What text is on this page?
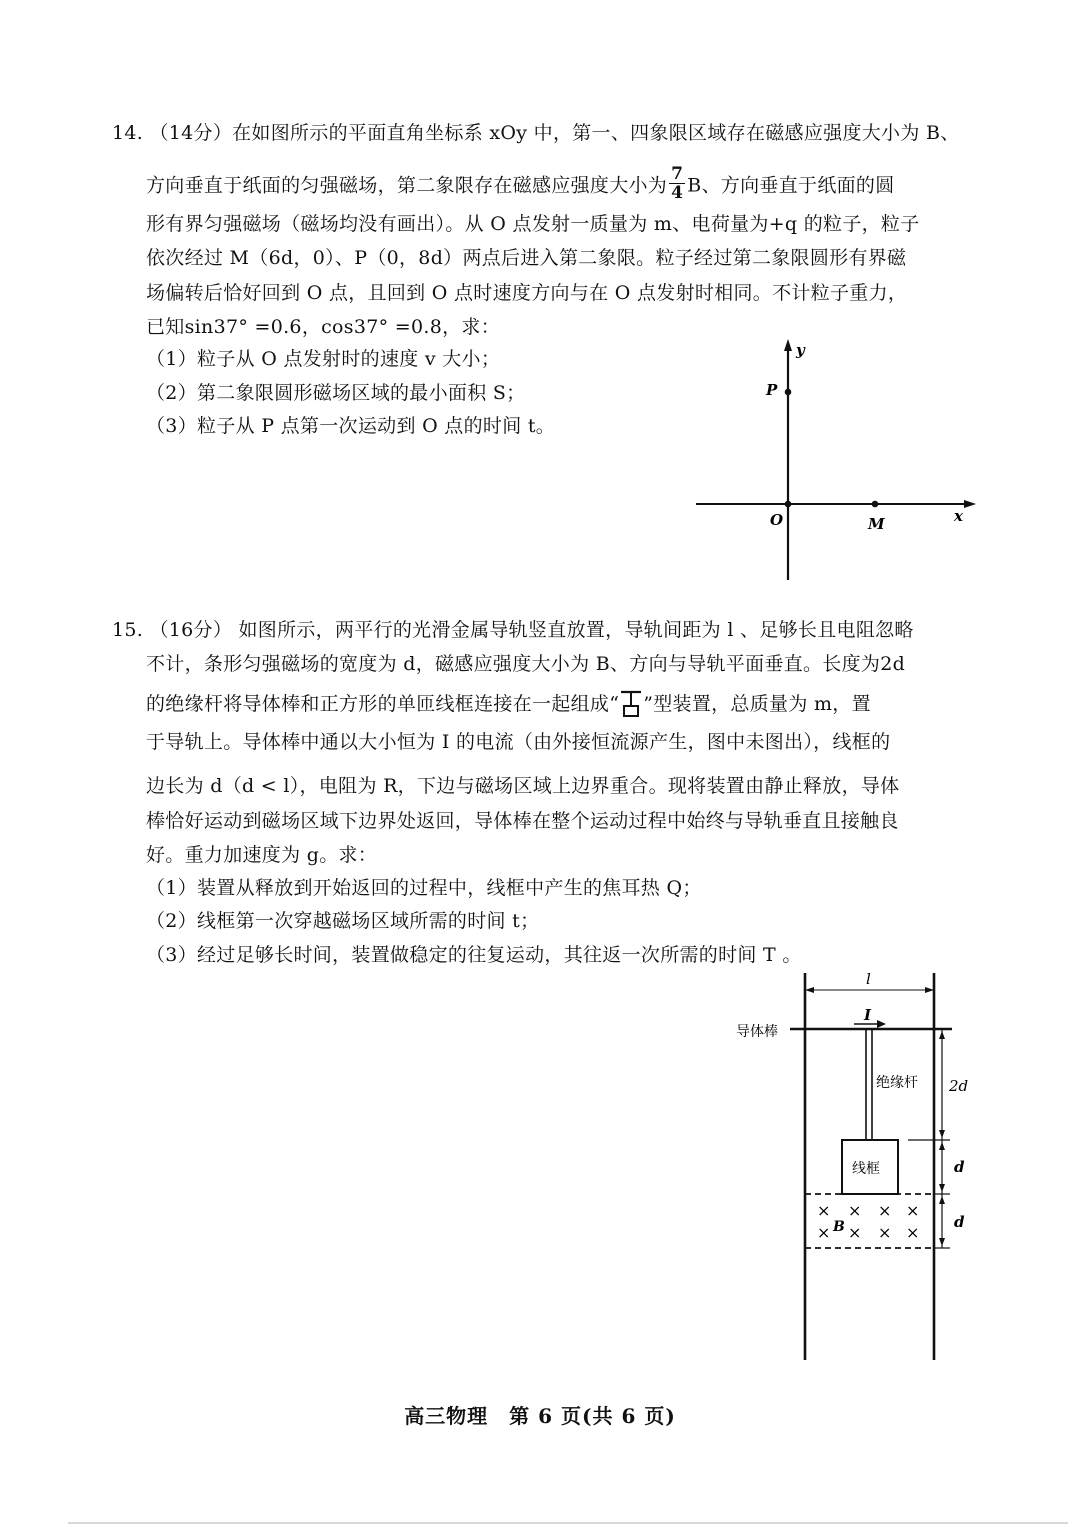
14. （14分）在如图所示的平面直角坐标系 xOy 中，第一、四象限区域存在磁感应强度大小为 B、
方向垂直于纸面的匀强磁场，第二象限存在磁感应强度大小为 $\frac{7}{4}$ B、方向垂直于纸面的圆
形有界匀强磁场（磁场均没有画出）。从 O 点发射一质量为 m、电荷量为+q 的粒子，粒子
依次经过 M（6d，0）、P（0，8d）两点后进入第二象限。粒子经过第二象限圆形有界磁
场偏转后恰好回到 O 点，且回到 O 点时速度方向与在 O 点发射时相同。不计粒子重力，
已知sin37° =0.6，cos37° =0.8，求：
（1）粒子从 O 点发射时的速度 v 大小；
（2）第二象限圆形磁场区域的最小面积 S；
（3）粒子从 P 点第一次运动到 O 点的时间 t。
y
P
O	M	x
15. （16分） 如图所示，两平行的光滑金属导轨竖直放置，导轨间距为 l 、足够长且电阻忽略
不计，条形匀强磁场的宽度为 d，磁感应强度大小为 B、方向与导轨平面垂直。长度为2d
的绝缘杆将导体棒和正方形的单匝线框连接在一起组成“ ”型装置，总质量为 m，置
于导轨上。导体棒中通以大小恒为 I 的电流（由外接恒流源产生，图中未图出），线框的
边长为 d（d < l），电阻为 R，下边与磁场区域上边界重合。现将装置由静止释放，导体
棒恰好运动到磁场区域下边界处返回，导体棒在整个运动过程中始终与导轨垂直且接触良
好。重力加速度为 g。求：
（1）装置从释放到开始返回的过程中，线框中产生的焦耳热 Q；
（2）线框第一次穿越磁场区域所需的时间 t；
（3）经过足够长时间，装置做稳定的往复运动，其往返一次所需的时间 T 。
l
导体棒
I
绝缘杆
线框
× × × ×
× B × × ×
2d
d
d
高三物理　第 6 页(共 6 页)
